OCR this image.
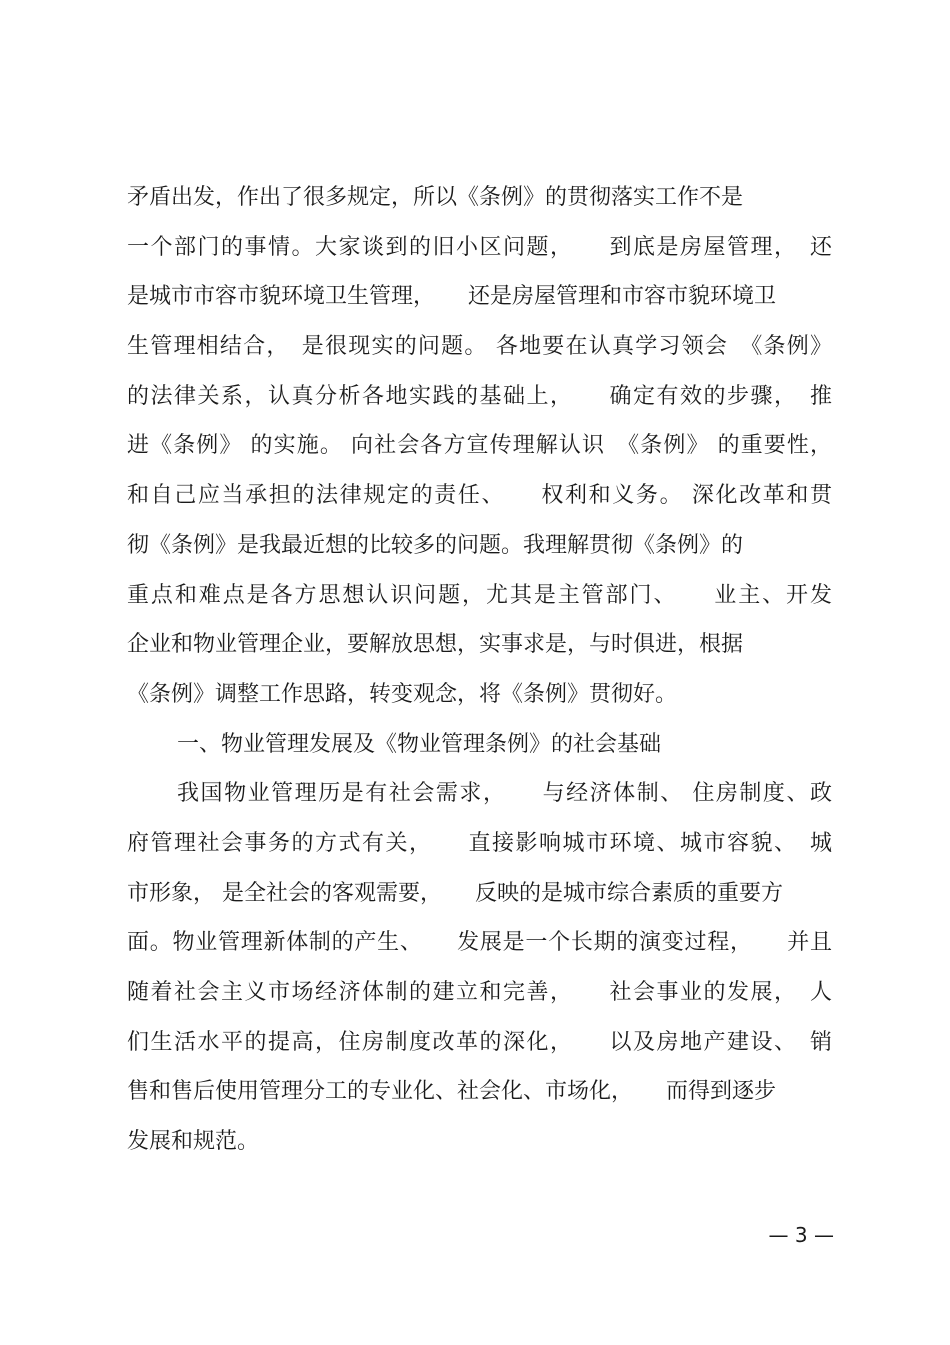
矛盾出发，作出了很多规定，所以《条例》的贯彻落实工作不是
一个部门的事情。大家谈到的旧小区问题，　　到底是房屋管理，　还
是城市市容市貌环境卫生管理，　　还是房屋管理和市容市貌环境卫
生管理相结合，　是很现实的问题。 各地要在认真学习领会　《条例》
的法律关系，认真分析各地实践的基础上，　　确定有效的步骤，　推
进《条例》 的实施。 向社会各方宣传理解认识　《条例》 的重要性，
和自己应当承担的法律规定的责任、　　权利和义务。 深化改革和贯
彻《条例》是我最近想的比较多的问题。我理解贯彻《条例》的
重点和难点是各方思想认识问题，尤其是主管部门、　　业主、开发
企业和物业管理企业，要解放思想，实事求是，与时俱进，根据
《条例》调整工作思路，转变观念，将《条例》贯彻好。
一、物业管理发展及《物业管理条例》的社会基础
我国物业管理历是有社会需求，　　与经济体制、 住房制度、政
府管理社会事务的方式有关，　　直接影响城市环境、城市容貌、　城
市形象， 是全社会的客观需要，　　反映的是城市综合素质的重要方
面。物业管理新体制的产生、　　发展是一个长期的演变过程，　　并且
随着社会主义市场经济体制的建立和完善，　　社会事业的发展，　人
们生活水平的提高，住房制度改革的深化，　　以及房地产建设、　销
售和售后使用管理分工的专业化、社会化、市场化，　　而得到逐步
发展和规范。
— 3 —
